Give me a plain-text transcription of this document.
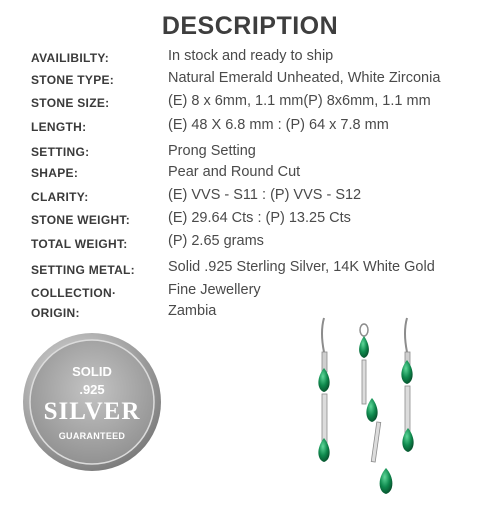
DESCRIPTION
AVAILIBILTY:	In stock and ready to ship
STONE TYPE:	Natural Emerald Unheated, White Zirconia
STONE SIZE:	(E) 8 x 6mm, 1.1 mm(P) 8x6mm, 1.1 mm
LENGTH:	(E) 48 X 6.8 mm : (P) 64 x 7.8 mm
SETTING:	Prong Setting
SHAPE:	Pear and Round Cut
CLARITY:	(E) VVS - S11 : (P) VVS - S12
STONE WEIGHT:	(E) 29.64 Cts : (P) 13.25 Cts
TOTAL WEIGHT:	(P) 2.65 grams
SETTING METAL: Solid .925 Sterling Silver, 14K White Gold
COLLECTION·	Fine Jewellery
ORIGIN:	Zambia
SOLID
.925
SILVER
GUARANTEED
